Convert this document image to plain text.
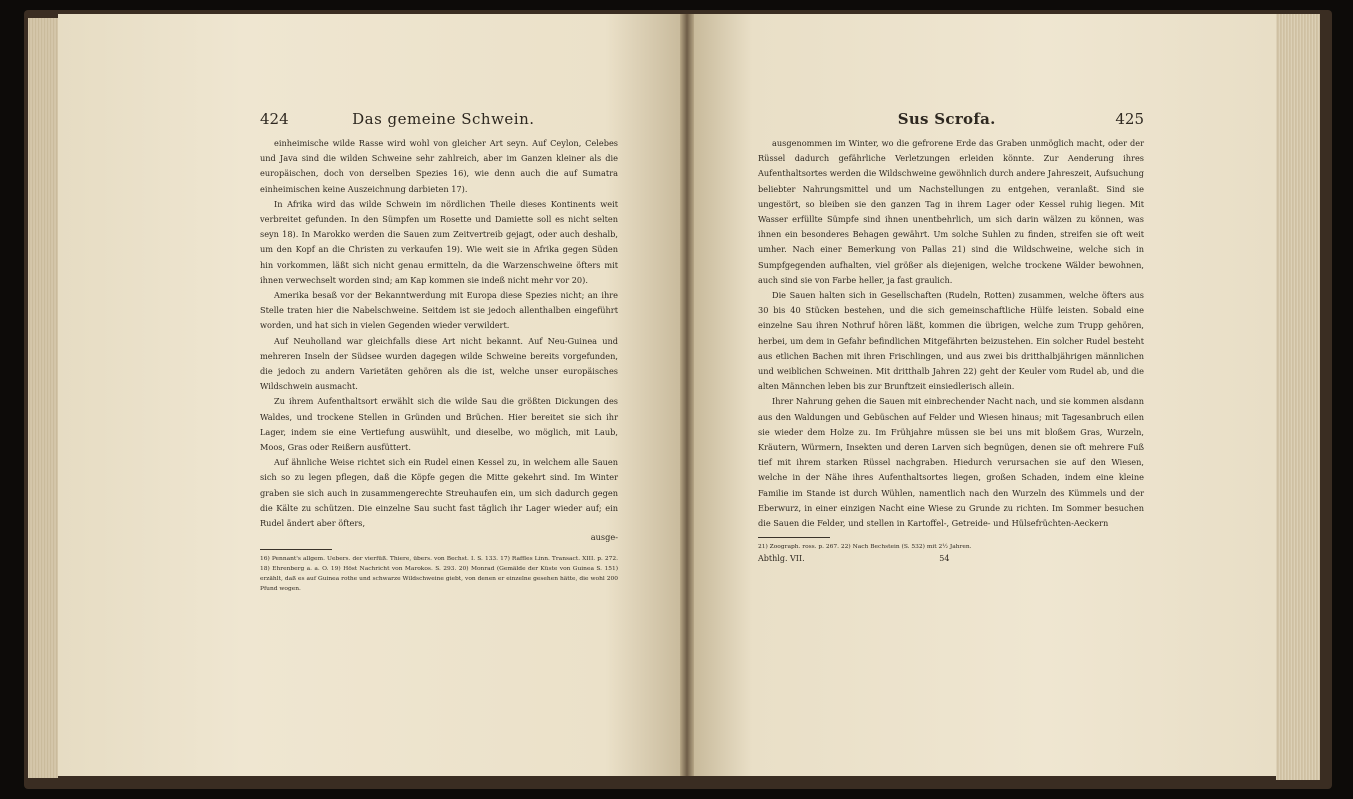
424	Das gemeine Schwein.

einheimische wilde Rasse wird wohl von gleicher Art seyn. Auf Ceylon, Celebes und Java sind die wilden Schweine sehr zahlreich, aber im Ganzen kleiner als die europäischen, doch von derselben Spezies 16), wie denn auch die auf Sumatra einheimischen keine Auszeichnung darbieten 17).

In Afrika wird das wilde Schwein im nördlichen Theile dieses Kontinents weit verbreitet gefunden. In den Sümpfen um Rosette und Damiette soll es nicht selten seyn 18). In Marokko werden die Sauen zum Zeitvertreib gejagt, oder auch deshalb, um den Kopf an die Christen zu verkaufen 19). Wie weit sie in Afrika gegen Süden hin vorkommen, läßt sich nicht genau ermitteln, da die Warzenschweine öfters mit ihnen verwechselt worden sind; am Kap kommen sie indeß nicht mehr vor 20).

Amerika besaß vor der Bekanntwerdung mit Europa diese Spezies nicht; an ihre Stelle traten hier die Nabelschweine. Seitdem ist sie jedoch allenthalben eingeführt worden, und hat sich in vielen Gegenden wieder verwildert.

Auf Neuholland war gleichfalls diese Art nicht bekannt. Auf Neu-Guinea und mehreren Inseln der Südsee wurden dagegen wilde Schweine bereits vorgefunden, die jedoch zu andern Varietäten gehören als die ist, welche unser europäisches Wildschwein ausmacht.

Zu ihrem Aufenthaltsort erwählt sich die wilde Sau die größten Dickungen des Waldes, und trockene Stellen in Gründen und Brüchen. Hier bereitet sie sich ihr Lager, indem sie eine Vertiefung auswühlt, und dieselbe, wo möglich, mit Laub, Moos, Gras oder Reißern ausfüttert.

Auf ähnliche Weise richtet sich ein Rudel einen Kessel zu, in welchem alle Sauen sich so zu legen pflegen, daß die Köpfe gegen die Mitte gekehrt sind. Im Winter graben sie sich auch in zusammengerechte Streuhaufen ein, um sich dadurch gegen die Kälte zu schützen. Die einzelne Sau sucht fast täglich ihr Lager wieder auf; ein Rudel ändert aber öfters,

ausge-

16) Pennant's allgem. Uebers. der vierfüß. Thiere, übers. von Bechst. I. S. 133. 17) Raffles Linn. Transact. XIII. p. 272. 18) Ehrenberg a. a. O. 19) Höst Nachricht von Marokos. S. 293. 20) Monrad (Gemälde der Küste von Guinea S. 151) erzählt, daß es auf Guinea rothe und schwarze Wildschweine giebt, von denen er einzelne gesehen hätte, die wohl 200 Pfund wogen.

Sus Scrofa.	425

ausgenommen im Winter, wo die gefrorene Erde das Graben unmöglich macht, oder der Rüssel dadurch gefährliche Verletzungen erleiden könnte. Zur Aenderung ihres Aufenthaltsortes werden die Wildschweine gewöhnlich durch andere Jahreszeit, Aufsuchung beliebter Nahrungsmittel und um Nachstellungen zu entgehen, veranlaßt. Sind sie ungestört, so bleiben sie den ganzen Tag in ihrem Lager oder Kessel ruhig liegen. Mit Wasser erfüllte Sümpfe sind ihnen unentbehrlich, um sich darin wälzen zu können, was ihnen ein besonderes Behagen gewährt. Um solche Suhlen zu finden, streifen sie oft weit umher. Nach einer Bemerkung von Pallas 21) sind die Wildschweine, welche sich in Sumpfgegenden aufhalten, viel größer als diejenigen, welche trockene Wälder bewohnen, auch sind sie von Farbe heller, ja fast graulich.

Die Sauen halten sich in Gesellschaften (Rudeln, Rotten) zusammen, welche öfters aus 30 bis 40 Stücken bestehen, und die sich gemeinschaftliche Hülfe leisten. Sobald eine einzelne Sau ihren Nothruf hören läßt, kommen die übrigen, welche zum Trupp gehören, herbei, um dem in Gefahr befindlichen Mitgefährten beizustehen. Ein solcher Rudel besteht aus etlichen Bachen mit ihren Frischlingen, und aus zwei bis dritthalbjährigen männlichen und weiblichen Schweinen. Mit dritthalb Jahren 22) geht der Keuler vom Rudel ab, und die alten Männchen leben bis zur Brunftzeit einsiedlerisch allein.

Ihrer Nahrung gehen die Sauen mit einbrechender Nacht nach, und sie kommen alsdann aus den Waldungen und Gebüschen auf Felder und Wiesen hinaus; mit Tagesanbruch eilen sie wieder dem Holze zu. Im Frühjahre müssen sie bei uns mit bloßem Gras, Wurzeln, Kräutern, Würmern, Insekten und deren Larven sich begnügen, denen sie oft mehrere Fuß tief mit ihrem starken Rüssel nachgraben. Hiedurch verursachen sie auf den Wiesen, welche in der Nähe ihres Aufenthaltsortes liegen, großen Schaden, indem eine kleine Familie im Stande ist durch Wühlen, namentlich nach den Wurzeln des Kümmels und der Eberwurz, in einer einzigen Nacht eine Wiese zu Grunde zu richten. Im Sommer besuchen die Sauen die Felder, und stellen in Kartoffel-, Getreide- und Hülsefrüchten-Aeckern

21) Zoograph. ross. p. 267. 22) Nach Bechstein (S. 532) mit 2½ Jahren.

Abthlg. VII.	54
